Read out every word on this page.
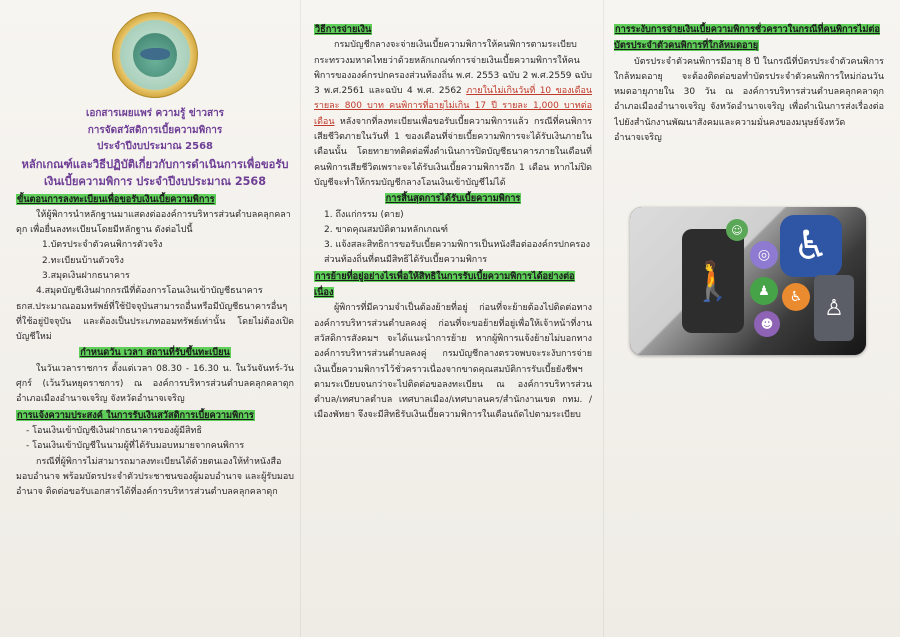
เอกสารเผยแพร่ ความรู้ ข่าวสาร

การจัดสวัสดิการเบี้ยความพิการ

ประจำปีงบประมาณ 2568

หลักเกณฑ์และวิธีปฏิบัติเกี่ยวกับการดำเนินการเพื่อขอรับ

เงินเบี้ยความพิการ ประจำปีงบประมาณ 2568

ขั้นตอนการลงทะเบียนเพื่อขอรับเงินเบี้ยความพิการ

ให้ผู้พิการนำหลักฐานมาแสดงต่อองค์การบริหารส่วนตำบลคลุกคลาดุก เพื่อยื่นลงทะเบียนโดยมีหลักฐาน ดังต่อไปนี้

1.บัตรประจำตัวคนพิการตัวจริง

2.ทะเบียนบ้านตัวจริง

3.สมุดเงินฝากธนาคาร

4.สมุดบัญชีเงินฝากกรณีที่ต้องการโอนเงินเข้าบัญชีธนาคาร ธกส.ประมาณออมทรัพย์ที่ใช้ปัจจุบันสามารถอื่นหรือมีบัญชีธนาคารอื่นๆ ที่ใช้อยู่ปัจจุบัน และต้องเป็นประเภทออมทรัพย์เท่านั้น โดยไม่ต้องเปิดบัญชีใหม่

กำหนดวัน เวลา สถานที่รับขึ้นทะเบียน

ในวันเวลาราชการ ตั้งแต่เวลา 08.30 - 16.30 น. ในวันจันทร์-วันศุกร์ (เว้นวันหยุดราชการ) ณ องค์การบริหารส่วนตำบลคลุกคลาดุก อำเภอเมืองอำนาจเจริญ จังหวัดอำนาจเจริญ

การแจ้งความประสงค์ ในการรับเงินสวัสดิการเบี้ยความพิการ

- โอนเงินเข้าบัญชีเงินฝากธนาคารของผู้มีสิทธิ

- โอนเงินเข้าบัญชีในนามผู้ที่ได้รับมอบหมายจากคนพิการ

กรณีที่ผู้พิการไม่สามารถมาลงทะเบียนได้ด้วยตนเองให้ทำหนังสือมอบอำนาจ พร้อมบัตรประจำตัวประชาชนของผู้มอบอำนาจ และผู้รับมอบอำนาจ ติดต่อขอรับเอกสารได้ที่องค์การบริหารส่วนตำบลคลุกคลาดุก

วิธีการจ่ายเงิน

กรมบัญชีกลางจะจ่ายเงินเบี้ยความพิการให้คนพิการตามระเบียบกระทรวงมหาดไทยว่าด้วยหลักเกณฑ์การจ่ายเงินเบี้ยความพิการให้คนพิการขององค์กรปกครองส่วนท้องถิ่น พ.ศ. 2553 ฉบับ 2 พ.ศ.2559 ฉบับ 3 พ.ศ.2561 และฉบับ 4 พ.ศ. 2562 ภายในไม่เกินวันที่ 10 ของเดือน รายละ 800 บาท คนพิการที่อายุไม่เกิน 17 ปี รายละ 1,000 บาทต่อเดือน หลังจากที่ลงทะเบียนเพื่อขอรับเบี้ยความพิการแล้ว กรณีที่คนพิการเสียชีวิตภายในวันที่ 1 ของเดือนที่จ่ายเบี้ยความพิการจะได้รับเงินภายในเดือนนั้น โดยทายาทติดต่อพึ่งดำเนินการปิดบัญชีธนาคารภายในเดือนที่คนพิการเสียชีวิตเพราะจะได้รับเงินเบี้ยความพิการอีก 1 เดือน หากไม่ปิดบัญชีจะทำให้กรมบัญชีกลางโอนเงินเข้าบัญชีไม่ได้

การสิ้นสุดการได้รับเบี้ยความพิการ

1. ถึงแก่กรรม (ตาย)

2. ขาดคุณสมบัติตามหลักเกณฑ์

3. แจ้งสละสิทธิการขอรับเบี้ยความพิการเป็นหนังสือต่อองค์กรปกครองส่วนท้องถิ่นที่ตนมีสิทธิได้รับเบี้ยความพิการ

การย้ายที่อยู่อย่างไรเพื่อให้สิทธิในการรับเบี้ยความพิการได้อย่างต่อเนื่อง

ผู้พิการที่มีความจำเป็นต้องย้ายที่อยู่ ก่อนที่จะย้ายต้องไปติดต่อทางองค์การบริหารส่วนตำบลคงคู่ ก่อนที่จะขอย้ายที่อยู่เพื่อให้เจ้าหน้าที่งานสวัสดิการสังคมฯ จะได้แนะนำการย้าย หากผู้พิการแจ้งย้ายไม่บอกทางองค์การบริหารส่วนตำบลคงคู่ กรมบัญชีกลางตรวจพบจะระงับการจ่ายเงินเบี้ยความพิการไว้ชั่วคราวเนื่องจากขาดคุณสมบัติการรับเบี้ยยังชีพฯ ตามระเบียบจนกว่าจะไปติดต่อขอลงทะเบียน ณ องค์การบริหารส่วนตำบล/เทศบาลตำบล เทศบาลเมือง/เทศบาลนคร/สำนักงานเขต กทม. /เมืองพัทยา จึงจะมีสิทธิรับเงินเบี้ยความพิการในเดือนถัดไปตามระเบียบ

การระงับการจ่ายเงินเบี้ยความพิการชั่วคราวในกรณีที่คนพิการไม่ต่อบัตรประจำตัวคนพิการที่ใกล้หมดอายุ

บัตรประจำตัวคนพิการมีอายุ 8 ปี ในกรณีที่บัตรประจำตัวคนพิการใกล้หมดอายุ จะต้องติดต่อขอทำบัตรประจำตัวคนพิการใหม่ก่อนวันหมดอายุภายใน 30 วัน ณ องค์การบริหารส่วนตำบลคลุกคลาดุก อำเภอเมืองอำนาจเจริญ จังหวัดอำนาจเจริญ เพื่อดำเนินการส่งเรื่องต่อไปยังสำนักงานพัฒนาสังคมและความมั่นคงของมนุษย์จังหวัดอำนาจเจริญ

🚶
♿
☺
◎
♟	♿
☻
♙
